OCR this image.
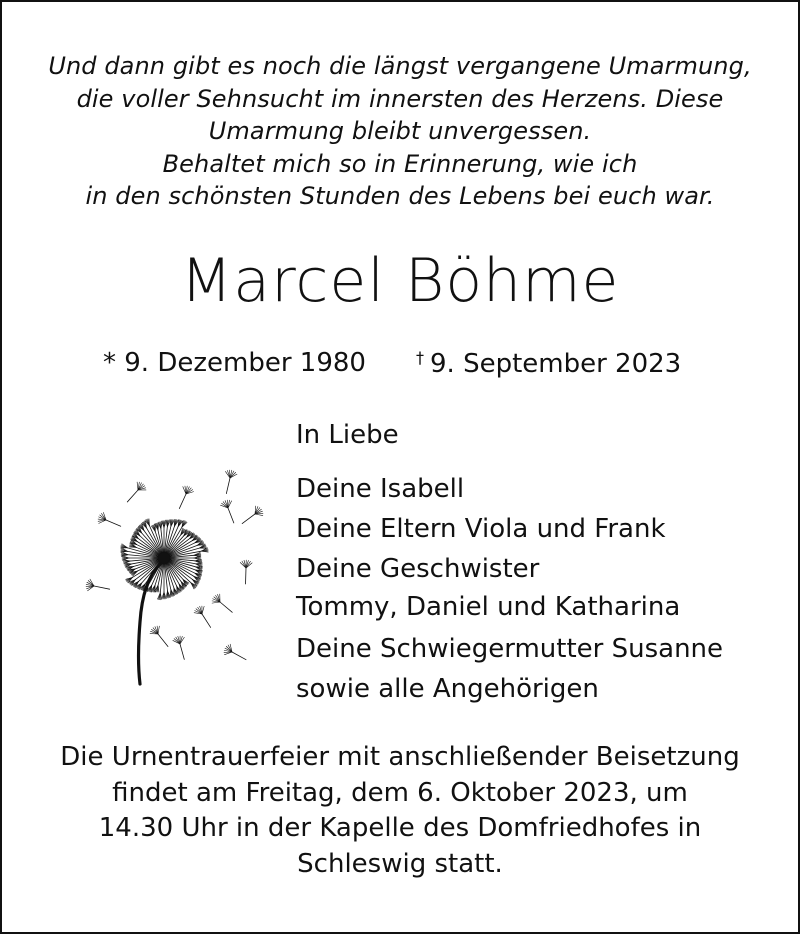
Und dann gibt es noch die längst vergangene Umarmung,
die voller Sehnsucht im innersten des Herzens. Diese
Umarmung bleibt unvergessen.
Behaltet mich so in Erinnerung, wie ich
in den schönsten Stunden des Lebens bei euch war.
Marcel Böhme
* 9. Dezember 1980	† 9. September 2023
In Liebe
Deine Isabell
Deine Eltern Viola und Frank
Deine Geschwister
Tommy, Daniel und Katharina
Deine Schwiegermutter Susanne
sowie alle Angehörigen
Die Urnentrauerfeier mit anschließender Beisetzung
findet am Freitag, dem 6. Oktober 2023, um
14.30 Uhr in der Kapelle des Domfriedhofes in
Schleswig statt.
